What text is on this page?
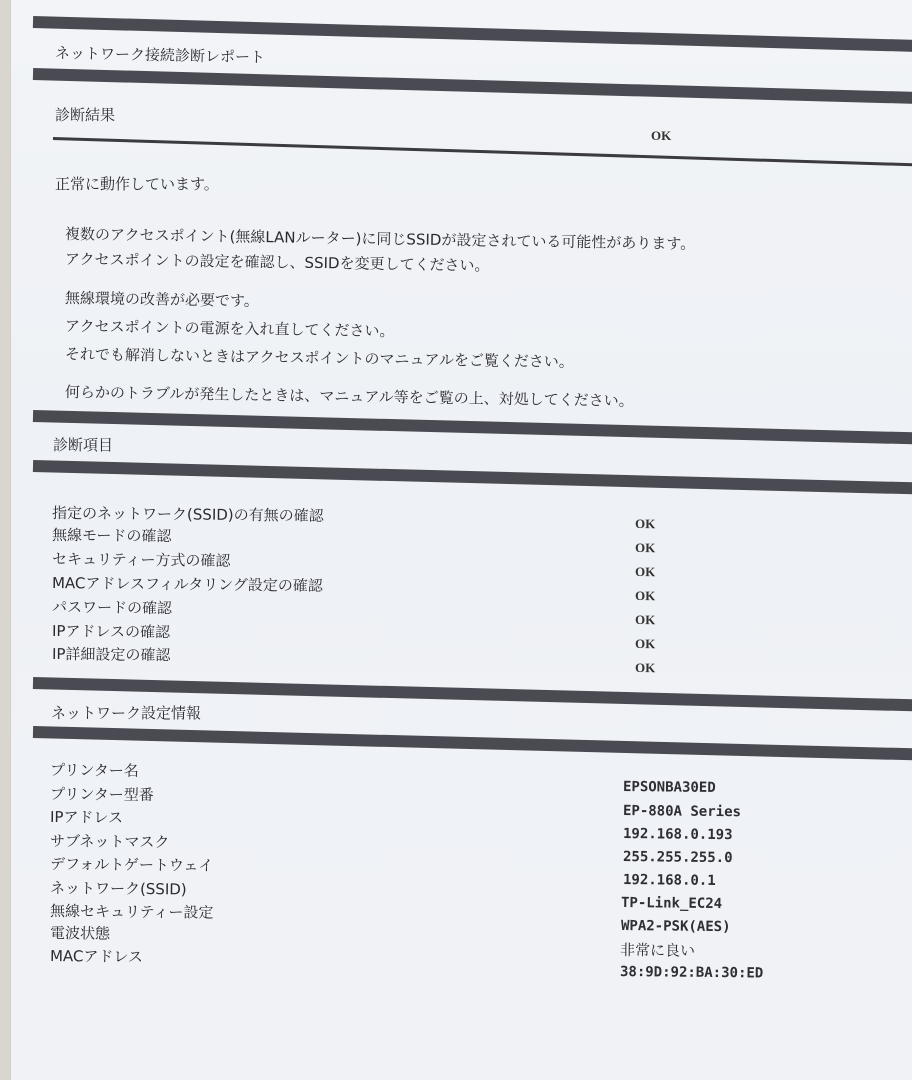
ネットワーク接続診断レポート
診断結果
OK
正常に動作しています。
複数のアクセスポイント(無線LANルーター)に同じSSIDが設定されている可能性があります。
アクセスポイントの設定を確認し、SSIDを変更してください。
無線環境の改善が必要です。
アクセスポイントの電源を入れ直してください。
それでも解消しないときはアクセスポイントのマニュアルをご覧ください。
何らかのトラブルが発生したときは、マニュアル等をご覧の上、対処してください。
診断項目
指定のネットワーク(SSID)の有無の確認
無線モードの確認
セキュリティー方式の確認
MACアドレスフィルタリング設定の確認
パスワードの確認
IPアドレスの確認
IP詳細設定の確認
OK
OK
OK
OK
OK
OK
OK
ネットワーク設定情報
プリンター名
プリンター型番
IPアドレス
サブネットマスク
デフォルトゲートウェイ
ネットワーク(SSID)
無線セキュリティー設定
電波状態
MACアドレス
EPSONBA30ED
EP-880A Series
192.168.0.193
255.255.255.0
192.168.0.1
TP-Link_EC24
WPA2-PSK(AES)
非常に良い
38:9D:92:BA:30:ED
